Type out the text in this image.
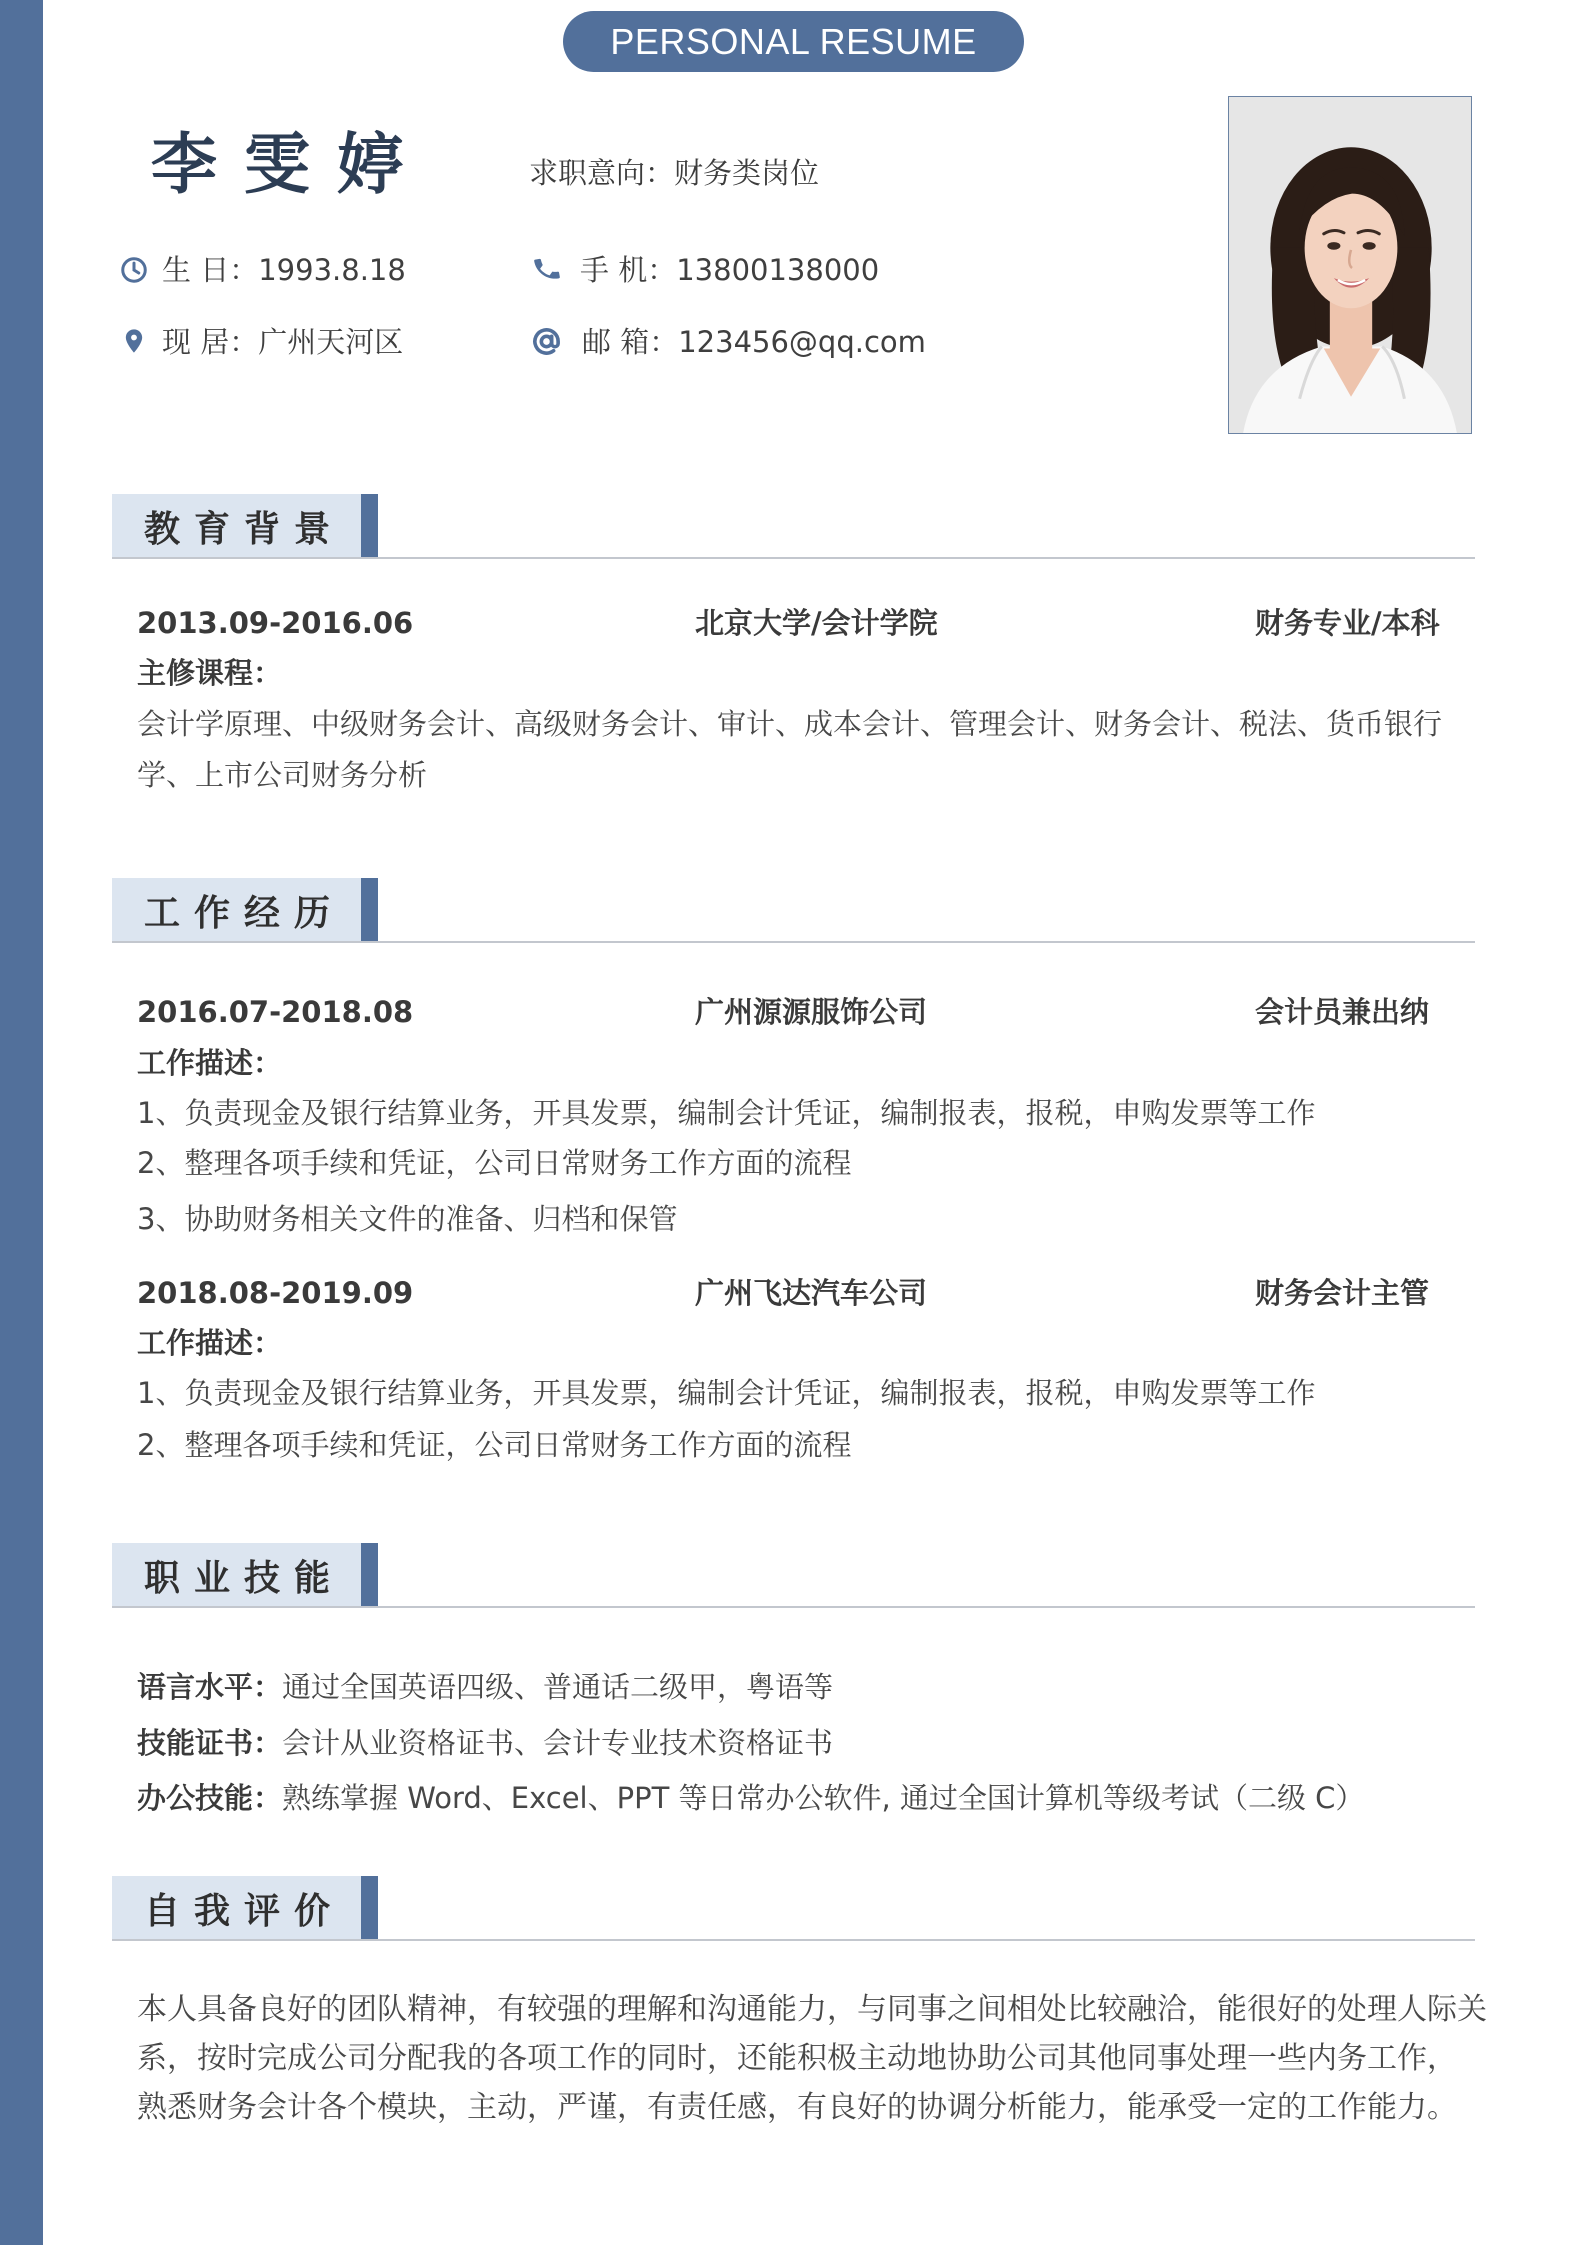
PERSONAL RESUME
李雯婷	求职意向：财务类岗位
生 日：1993.8.18	手 机：13800138000
现 居：广州天河区	邮 箱：123456@qq.com
教育背景
2013.09-2016.06	北京大学/会计学院	财务专业/本科
主修课程：
会计学原理、中级财务会计、高级财务会计、审计、成本会计、管理会计、财务会计、税法、货币银行
学、上市公司财务分析
工作经历
2016.07-2018.08	广州源源服饰公司	会计员兼出纳
工作描述：
1、负责现金及银行结算业务，开具发票，编制会计凭证，编制报表，报税，申购发票等工作
2、整理各项手续和凭证，公司日常财务工作方面的流程
3、协助财务相关文件的准备、归档和保管
2018.08-2019.09	广州飞达汽车公司	财务会计主管
工作描述：
1、负责现金及银行结算业务，开具发票，编制会计凭证，编制报表，报税，申购发票等工作
2、整理各项手续和凭证，公司日常财务工作方面的流程
职业技能
语言水平：通过全国英语四级、普通话二级甲，粤语等
技能证书：会计从业资格证书、会计专业技术资格证书
办公技能：熟练掌握 Word、Excel、PPT 等日常办公软件, 通过全国计算机等级考试（二级 C）
自我评价
本人具备良好的团队精神，有较强的理解和沟通能力，与同事之间相处比较融洽，能很好的处理人际关
系，按时完成公司分配我的各项工作的同时，还能积极主动地协助公司其他同事处理一些内务工作，
熟悉财务会计各个模块，主动，严谨，有责任感，有良好的协调分析能力，能承受一定的工作能力。
